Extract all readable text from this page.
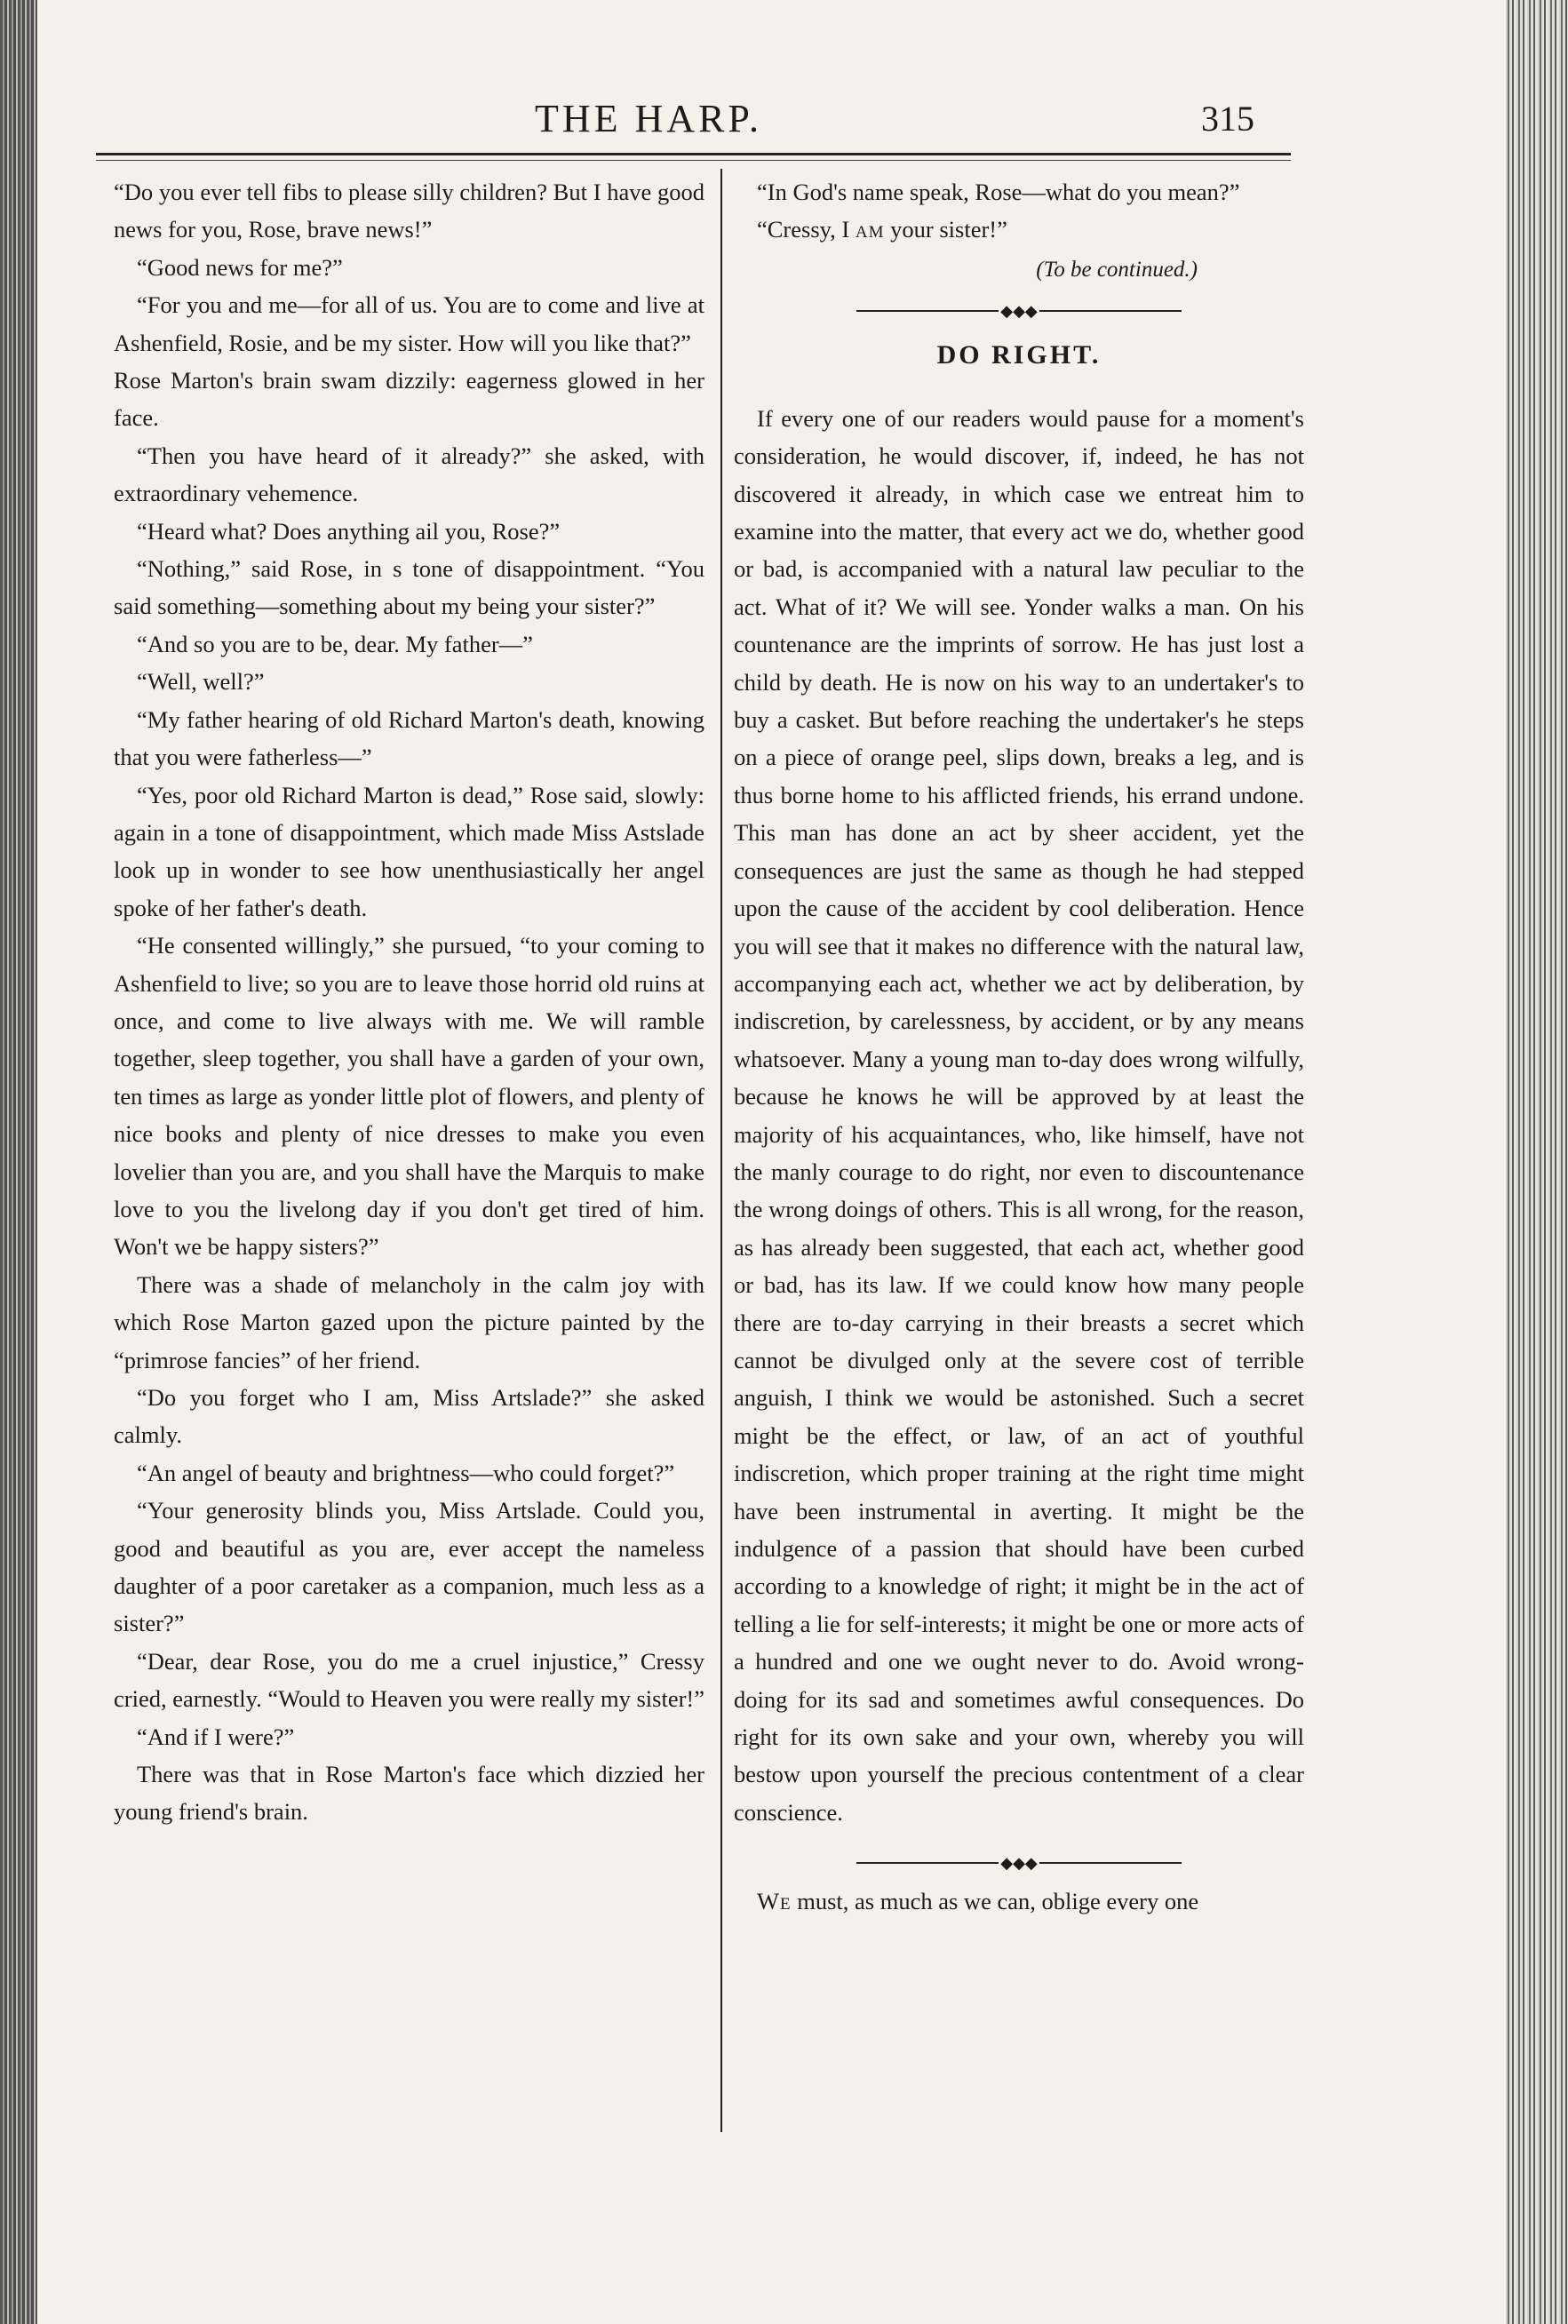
THE HARP.	315

“Do you ever tell fibs to please silly children? But I have good news for you, Rose, brave news!”

“Good news for me?”

“For you and me—for all of us. You are to come and live at Ashenfield, Rosie, and be my sister. How will you like that?”

Rose Marton's brain swam dizzily: eagerness glowed in her face.

“Then you have heard of it already?” she asked, with extraordinary vehemence.

“Heard what? Does anything ail you, Rose?”

“Nothing,” said Rose, in s tone of disappointment. “You said something—something about my being your sister?”

“And so you are to be, dear. My father—”

“Well, well?”

“My father hearing of old Richard Marton's death, knowing that you were fatherless—”

“Yes, poor old Richard Marton is dead,” Rose said, slowly: again in a tone of disappointment, which made Miss Astslade look up in wonder to see how unenthusiastically her angel spoke of her father's death.

“He consented willingly,” she pursued, “to your coming to Ashenfield to live; so you are to leave those horrid old ruins at once, and come to live always with me. We will ramble together, sleep together, you shall have a garden of your own, ten times as large as yonder little plot of flowers, and plenty of nice books and plenty of nice dresses to make you even lovelier than you are, and you shall have the Marquis to make love to you the livelong day if you don't get tired of him. Won't we be happy sisters?”

There was a shade of melancholy in the calm joy with which Rose Marton gazed upon the picture painted by the “primrose fancies” of her friend.

“Do you forget who I am, Miss Artslade?” she asked calmly.

“An angel of beauty and brightness—who could forget?”

“Your generosity blinds you, Miss Artslade. Could you, good and beautiful as you are, ever accept the nameless daughter of a poor caretaker as a companion, much less as a sister?”

“Dear, dear Rose, you do me a cruel injustice,” Cressy cried, earnestly. “Would to Heaven you were really my sister!”

“And if I were?”

There was that in Rose Marton's face which dizzied her young friend's brain.

“In God's name speak, Rose—what do you mean?”

“Cressy, I am your sister!”

(To be continued.)
◆◆◆
DO RIGHT.

If every one of our readers would pause for a moment's consideration, he would discover, if, indeed, he has not discovered it already, in which case we entreat him to examine into the matter, that every act we do, whether good or bad, is accompanied with a natural law peculiar to the act. What of it? We will see. Yonder walks a man. On his countenance are the imprints of sorrow. He has just lost a child by death. He is now on his way to an undertaker's to buy a casket. But before reaching the undertaker's he steps on a piece of orange peel, slips down, breaks a leg, and is thus borne home to his afflicted friends, his errand undone. This man has done an act by sheer accident, yet the consequences are just the same as though he had stepped upon the cause of the accident by cool deliberation. Hence you will see that it makes no difference with the natural law, accompanying each act, whether we act by deliberation, by indiscretion, by carelessness, by accident, or by any means whatsoever. Many a young man to-day does wrong wilfully, because he knows he will be approved by at least the majority of his acquaintances, who, like himself, have not the manly courage to do right, nor even to discountenance the wrong doings of others. This is all wrong, for the reason, as has already been suggested, that each act, whether good or bad, has its law. If we could know how many people there are to-day carrying in their breasts a secret which cannot be divulged only at the severe cost of terrible anguish, I think we would be astonished. Such a secret might be the effect, or law, of an act of youthful indiscretion, which proper training at the right time might have been instrumental in averting. It might be the indulgence of a passion that should have been curbed according to a knowledge of right; it might be in the act of telling a lie for self-interests; it might be one or more acts of a hundred and one we ought never to do. Avoid wrong-doing for its sad and sometimes awful consequences. Do right for its own sake and your own, whereby you will bestow upon yourself the precious contentment of a clear conscience.

◆◆◆

We must, as much as we can, oblige every one
